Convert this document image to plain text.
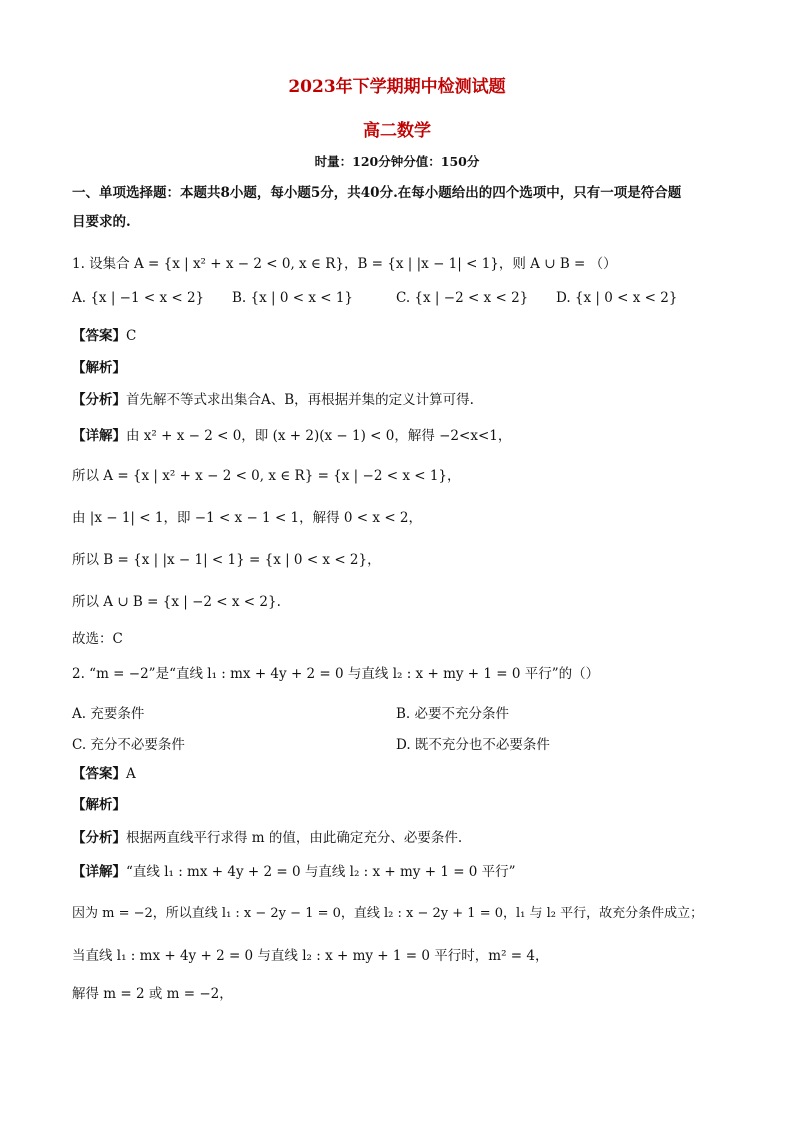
2023年下学期期中检测试题
高二数学
时量：120分钟分值：150分
一、单项选择题：本题共8小题，每小题5分，共40分.在每小题给出的四个选项中，只有一项是符合题
目要求的.
1. 设集合 A = {x | x² + x − 2 < 0, x ∈ R}，B = {x | |x − 1| < 1}，则 A ∪ B = （）
A. {x | −1 < x < 2} B. {x | 0 < x < 1}	C. {x | −2 < x < 2} D. {x | 0 < x < 2}
【答案】C
【解析】
【分析】首先解不等式求出集合A、B，再根据并集的定义计算可得.
【详解】由 x² + x − 2 < 0，即 (x + 2)(x − 1) < 0，解得 −2<x<1，
所以 A = {x | x² + x − 2 < 0, x ∈ R} = {x | −2 < x < 1}，
由 |x − 1| < 1，即 −1 < x − 1 < 1，解得 0 < x < 2，
所以 B = {x | |x − 1| < 1} = {x | 0 < x < 2}，
所以 A ∪ B = {x | −2 < x < 2}.
故选：C
2. “m = −2”是“直线 l₁ : mx + 4y + 2 = 0 与直线 l₂ : x + my + 1 = 0 平行”的（）
A. 充要条件	B. 必要不充分条件
C. 充分不必要条件	D. 既不充分也不必要条件
【答案】A
【解析】
【分析】根据两直线平行求得 m 的值，由此确定充分、必要条件.
【详解】“直线 l₁ : mx + 4y + 2 = 0 与直线 l₂ : x + my + 1 = 0 平行”
因为 m = −2，所以直线 l₁ : x − 2y − 1 = 0，直线 l₂ : x − 2y + 1 = 0，l₁ 与 l₂ 平行，故充分条件成立；
当直线 l₁ : mx + 4y + 2 = 0 与直线 l₂ : x + my + 1 = 0 平行时，m² = 4，
解得 m = 2 或 m = −2，
